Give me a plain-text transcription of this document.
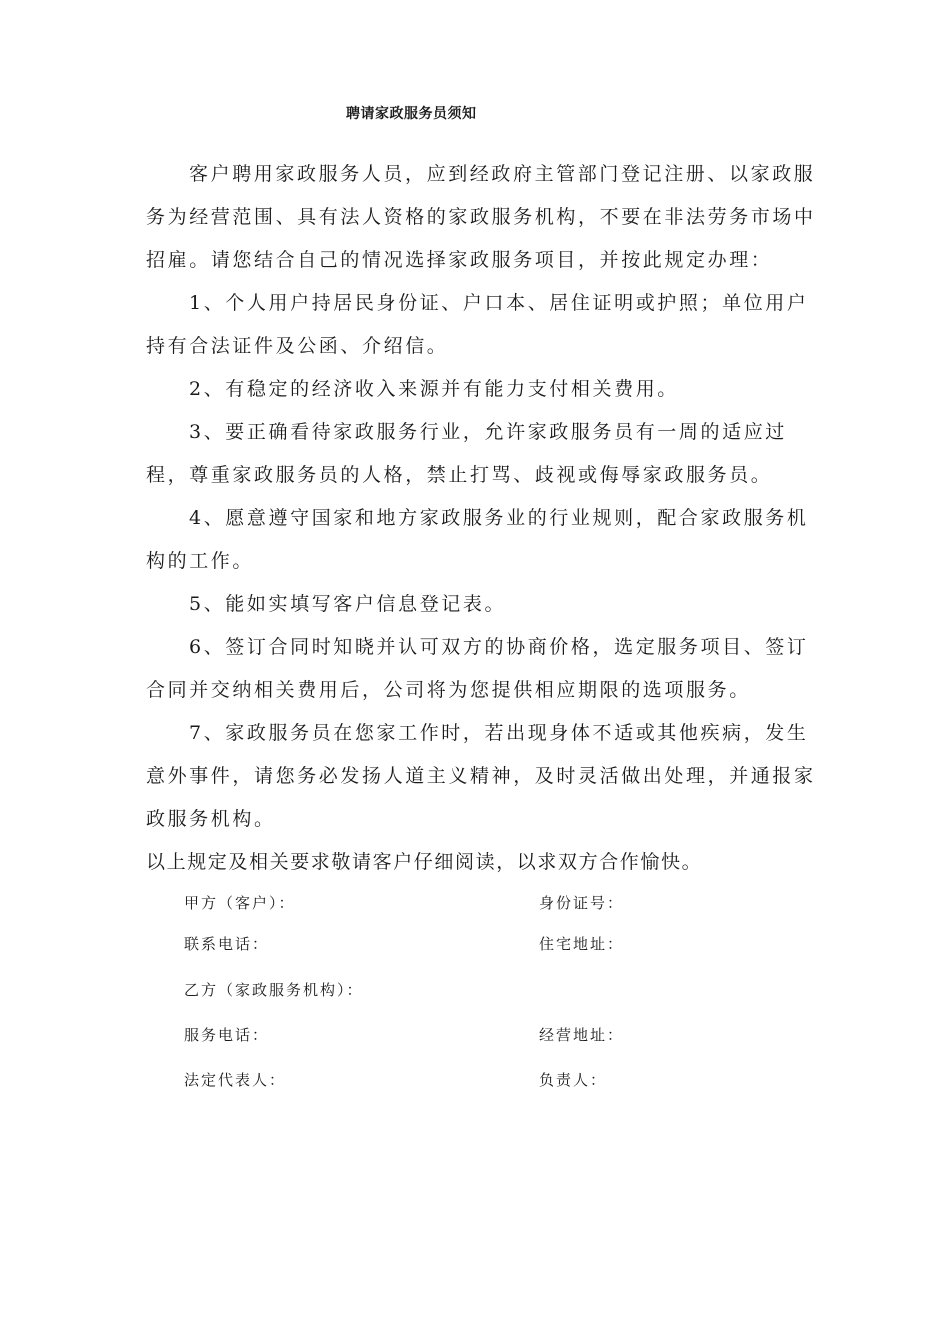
聘请家政服务员须知

客户聘用家政服务人员，应到经政府主管部门登记注册、以家政服务为经营范围、具有法人资格的家政服务机构，不要在非法劳务市场中招雇。请您结合自己的情况选择家政服务项目，并按此规定办理：

1、个人用户持居民身份证、户口本、居住证明或护照；单位用户持有合法证件及公函、介绍信。

2、有稳定的经济收入来源并有能力支付相关费用。

3、要正确看待家政服务行业，允许家政服务员有一周的适应过程，尊重家政服务员的人格，禁止打骂、歧视或侮辱家政服务员。

4、愿意遵守国家和地方家政服务业的行业规则，配合家政服务机构的工作。

5、能如实填写客户信息登记表。

6、签订合同时知晓并认可双方的协商价格，选定服务项目、签订合同并交纳相关费用后，公司将为您提供相应期限的选项服务。

7、家政服务员在您家工作时，若出现身体不适或其他疾病，发生意外事件，请您务必发扬人道主义精神，及时灵活做出处理，并通报家政服务机构。

以上规定及相关要求敬请客户仔细阅读，以求双方合作愉快。

甲方（客户）：	身份证号：
联系电话：	住宅地址：
乙方（家政服务机构）：
服务电话：	经营地址：
法定代表人：	负责人：
